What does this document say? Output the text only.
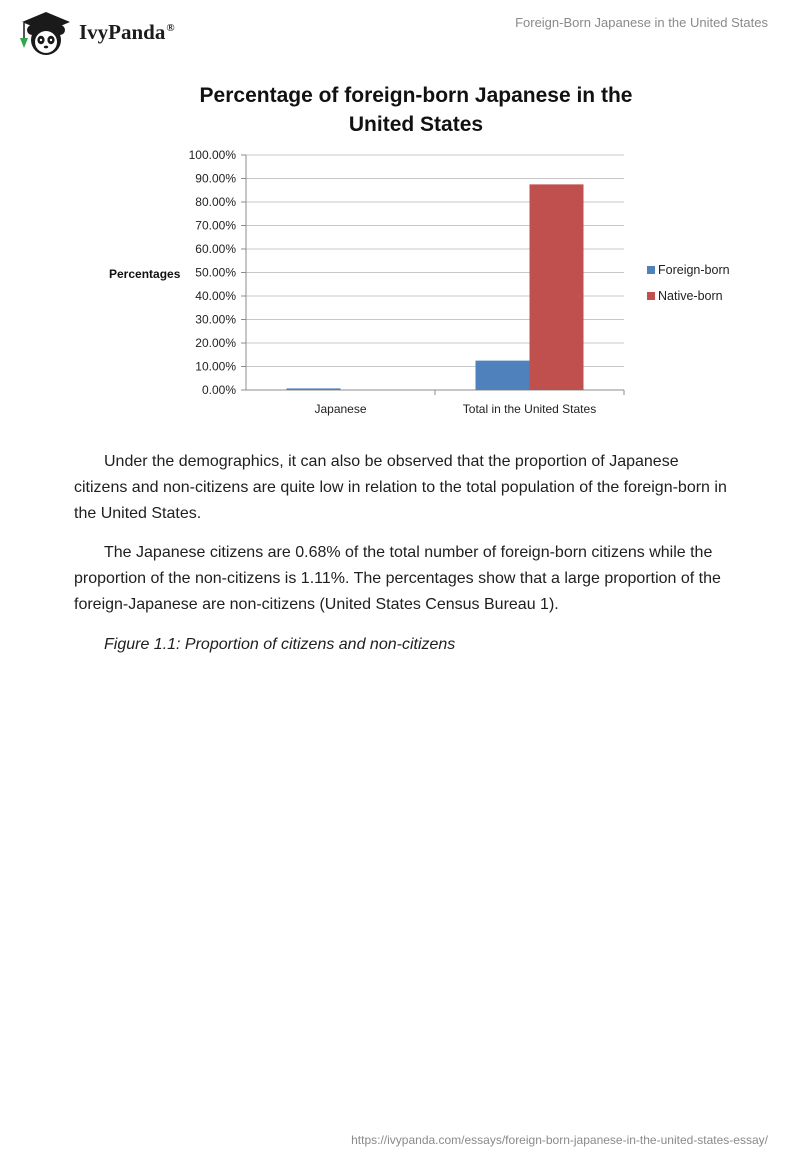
IvyPanda®	Foreign-Born Japanese in the United States
Percentage of foreign-born Japanese in the
United States
Percentages
0.00%
10.00%
20.00%
30.00%
40.00%
50.00%
60.00%
70.00%
80.00%
90.00%
100.00%
Japanese	Total in the United States
Foreign-born
Native-born

Under the demographics, it can also be observed that the proportion of Japanese citizens and non-citizens are quite low in relation to the total population of the foreign-born in the United States.

The Japanese citizens are 0.68% of the total number of foreign-born citizens while the proportion of the non-citizens is 1.11%. The percentages show that a large proportion of the foreign-Japanese are non-citizens (United States Census Bureau 1).

Figure 1.1: Proportion of citizens and non-citizens

https://ivypanda.com/essays/foreign-born-japanese-in-the-united-states-essay/
